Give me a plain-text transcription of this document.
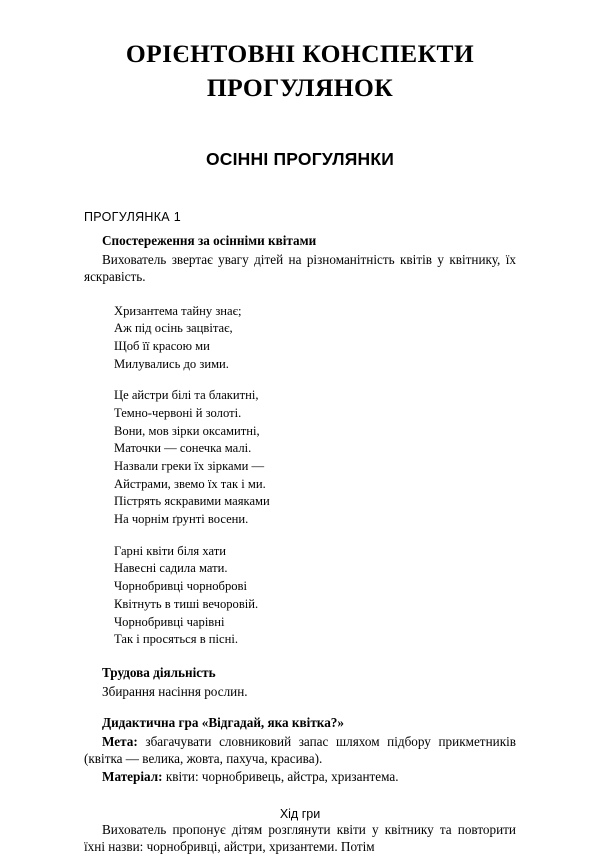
ОРІЄНТОВНІ КОНСПЕКТИ
ПРОГУЛЯНОК
ОСІННІ ПРОГУЛЯНКИ

ПРОГУЛЯНКА 1

Спостереження за осінніми квітами

Вихователь звертає увагу дітей на різноманітність квітів у квітнику, їх яскравість.

Хризантема тайну знає;
Аж під осінь зацвітає,
Щоб її красою ми
Милувались до зими.
Це айстри білі та блакитні,
Темно-червоні й золоті.
Вони, мов зірки оксамитні,
Маточки — сонечка малі.
Назвали греки їх зірками —
Айстрами, звемо їх так і ми.
Пістрять яскравими маяками
На чорнім ґрунті восени.
Гарні квіти біля хати
Навесні садила мати.
Чорнобривці чорноброві
Квітнуть в тиші вечоровій.
Чорнобривці чарівні
Так і просяться в пісні.

Трудова діяльність

Збирання насіння рослин.

Дидактична гра «Відгадай, яка квітка?»

Мета: збагачувати словниковий запас шляхом підбору прикметників (квітка — велика, жовта, пахуча, красива).

Матеріал: квіти: чорнобривець, айстра, хризантема.

Хід гри

Вихователь пропонує дітям розглянути квіти у квітнику та повторити їхні назви: чорнобривці, айстри, хризантеми. Потім
